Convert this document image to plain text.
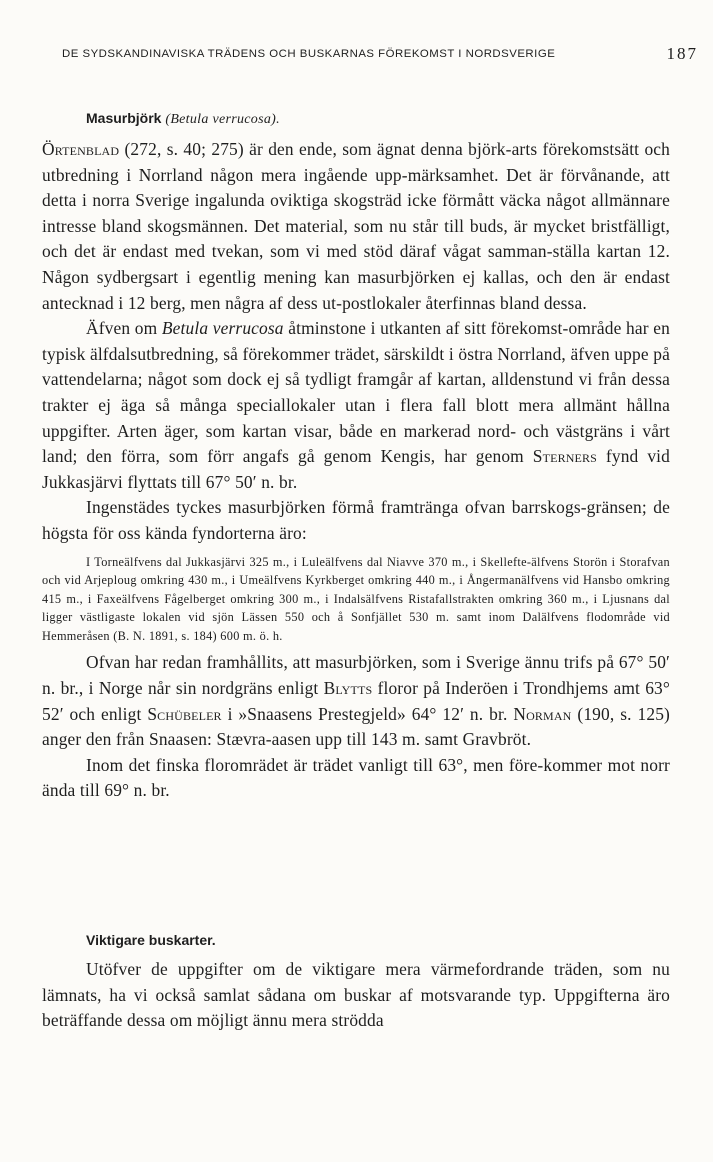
DE SYDSKANDINAVISKA TRÄDENS OCH BUSKARNAS FÖREKOMST I NORDSVERIGE	187
Masurbjörk (Betula verrucosa).

Örtenblad (272, s. 40; 275) är den ende, som ägnat denna björk-arts förekomstsätt och utbredning i Norrland någon mera ingående upp-märksamhet. Det är förvånande, att detta i norra Sverige ingalunda oviktiga skogsträd icke förmått väcka något allmännare intresse bland skogsmännen. Det material, som nu står till buds, är mycket bristfälligt, och det är endast med tvekan, som vi med stöd däraf vågat samman-ställa kartan 12. Någon sydbergsart i egentlig mening kan masurbjörken ej kallas, och den är endast antecknad i 12 berg, men några af dess ut-postlokaler återfinnas bland dessa.

Äfven om Betula verrucosa åtminstone i utkanten af sitt förekomst-område har en typisk älfdalsutbredning, så förekommer trädet, särskildt i östra Norrland, äfven uppe på vattendelarna; något som dock ej så tydligt framgår af kartan, alldenstund vi från dessa trakter ej äga så många speciallokaler utan i flera fall blott mera allmänt hållna uppgifter. Arten äger, som kartan visar, både en markerad nord- och västgräns i vårt land; den förra, som förr angafs gå genom Kengis, har genom Sterners fynd vid Jukkasjärvi flyttats till 67° 50′ n. br.

Ingenstädes tyckes masurbjörken förmå framtränga ofvan barrskogs-gränsen; de högsta för oss kända fyndorterna äro:

I Torneälfvens dal Jukkasjärvi 325 m., i Luleälfvens dal Niavve 370 m., i Skellefte-älfvens Storön i Storafvan och vid Arjeploug omkring 430 m., i Umeälfvens Kyrkberget omkring 440 m., i Ångermanälfvens vid Hansbo omkring 415 m., i Faxeälfvens Fågelberget omkring 300 m., i Indalsälfvens Ristafallstrakten omkring 360 m., i Ljusnans dal ligger västligaste lokalen vid sjön Lässen 550 och å Sonfjället 530 m. samt inom Dalälfvens flodområde vid Hemmeråsen (B. N. 1891, s. 184) 600 m. ö. h.

Ofvan har redan framhållits, att masurbjörken, som i Sverige ännu trifs på 67° 50′ n. br., i Norge når sin nordgräns enligt Blytts floror på Inderöen i Trondhjems amt 63° 52′ och enligt Schübeler i »Snaasens Prestegjeld» 64° 12′ n. br. Norman (190, s. 125) anger den från Snaasen: Stævra-aasen upp till 143 m. samt Gravbröt.

Inom det finska floromrädet är trädet vanligt till 63°, men före-kommer mot norr ända till 69° n. br.

Viktigare buskarter.

Utöfver de uppgifter om de viktigare mera värmefordrande träden, som nu lämnats, ha vi också samlat sådana om buskar af motsvarande typ. Uppgifterna äro beträffande dessa om möjligt ännu mera strödda
